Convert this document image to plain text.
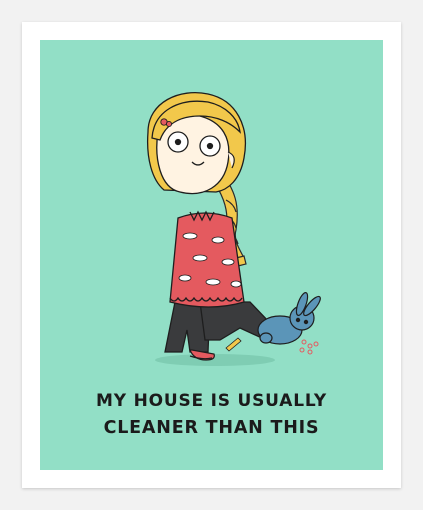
MY HOUSE IS USUALLY
CLEANER THAN THIS
